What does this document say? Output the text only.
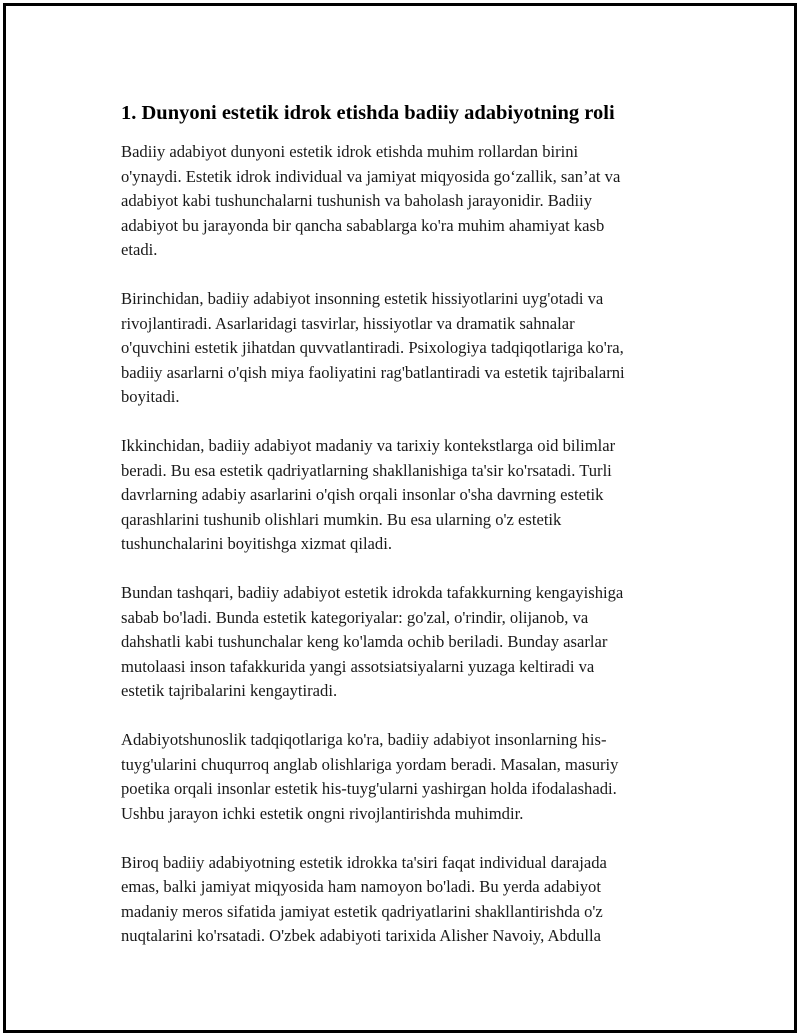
1. Dunyoni estetik idrok etishda badiiy adabiyotning roli

Badiiy adabiyot dunyoni estetik idrok etishda muhim rollardan birini
o'ynaydi. Estetik idrok individual va jamiyat miqyosida go‘zallik, san’at va
adabiyot kabi tushunchalarni tushunish va baholash jarayonidir. Badiiy
adabiyot bu jarayonda bir qancha sabablarga ko'ra muhim ahamiyat kasb
etadi.

Birinchidan, badiiy adabiyot insonning estetik hissiyotlarini uyg'otadi va
rivojlantiradi. Asarlaridagi tasvirlar, hissiyotlar va dramatik sahnalar
o'quvchini estetik jihatdan quvvatlantiradi. Psixologiya tadqiqotlariga ko'ra,
badiiy asarlarni o'qish miya faoliyatini rag'batlantiradi va estetik tajribalarni
boyitadi.

Ikkinchidan, badiiy adabiyot madaniy va tarixiy kontekstlarga oid bilimlar
beradi. Bu esa estetik qadriyatlarning shakllanishiga ta'sir ko'rsatadi. Turli
davrlarning adabiy asarlarini o'qish orqali insonlar o'sha davrning estetik
qarashlarini tushunib olishlari mumkin. Bu esa ularning o'z estetik
tushunchalarini boyitishga xizmat qiladi.

Bundan tashqari, badiiy adabiyot estetik idrokda tafakkurning kengayishiga
sabab bo'ladi. Bunda estetik kategoriyalar: go'zal, o'rindir, olijanob, va
dahshatli kabi tushunchalar keng ko'lamda ochib beriladi. Bunday asarlar
mutolaasi inson tafakkurida yangi assotsiatsiyalarni yuzaga keltiradi va
estetik tajribalarini kengaytiradi.

Adabiyotshunoslik tadqiqotlariga ko'ra, badiiy adabiyot insonlarning his-
tuyg'ularini chuqurroq anglab olishlariga yordam beradi. Masalan, masuriy
poetika orqali insonlar estetik his-tuyg'ularni yashirgan holda ifodalashadi.
Ushbu jarayon ichki estetik ongni rivojlantirishda muhimdir.

Biroq badiiy adabiyotning estetik idrokka ta'siri faqat individual darajada
emas, balki jamiyat miqyosida ham namoyon bo'ladi. Bu yerda adabiyot
madaniy meros sifatida jamiyat estetik qadriyatlarini shakllantirishda o'z
nuqtalarini ko'rsatadi. O'zbek adabiyoti tarixida Alisher Navoiy, Abdulla
